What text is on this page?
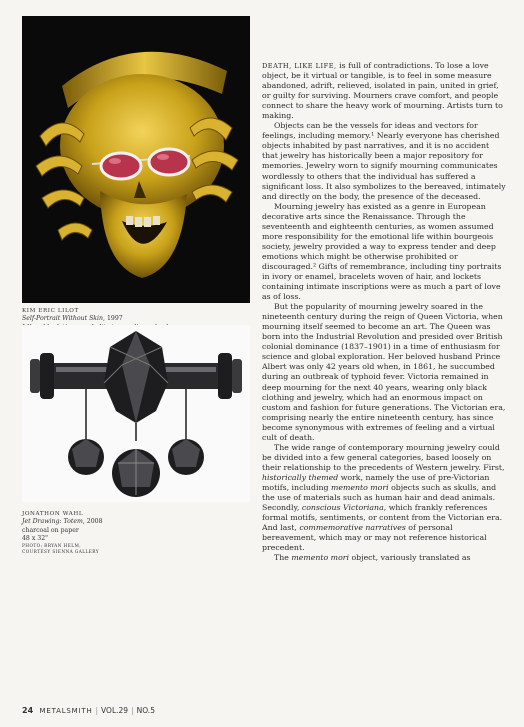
KIM ERIC LILOT
Self-Portrait Without Skin, 1997
JONATHON WAHL
Jet Drawing: Totem, 2008
charcoal on paper
48 x 32"
PHOTO: BRYAN HELM,
COURTESY SIENNA GALLERY

DEATH, LIKE LIFE, is full of contradictions. To lose a love object, be it virtual or tangible, is to feel in some measure abandoned, adrift, relieved, isolated in pain, united in grief, or guilty for surviving. Mourners crave comfort, and people connect to share the heavy work of mourning. Artists turn to making.

Objects can be the vessels for ideas and vectors for feelings, including memory.¹ Nearly everyone has cherished objects inhabited by past narratives, and it is no accident that jewelry has historically been a major repository for memories. Jewelry worn to signify mourning communicates wordlessly to others that the individual has suffered a significant loss. It also symbolizes to the bereaved, intimately and directly on the body, the presence of the deceased.

Mourning jewelry has existed as a genre in European decorative arts since the Renaissance. Through the seventeenth and eighteenth centuries, as women assumed more responsibility for the emotional life within bourgeois society, jewelry provided a way to express tender and deep emotions which might be otherwise prohibited or discouraged.² Gifts of remembrance, including tiny portraits in ivory or enamel, bracelets woven of hair, and lockets containing intimate inscriptions were as much a part of love as of loss.

But the popularity of mourning jewelry soared in the nineteenth century during the reign of Queen Victoria, when mourning itself seemed to become an art. The Queen was born into the Industrial Revolution and presided over British colonial dominance (1837–1901) in a time of enthusiasm for science and global exploration. Her beloved husband Prince Albert was only 42 years old when, in 1861, he succumbed during an outbreak of typhoid fever. Victoria remained in deep mourning for the next 40 years, wearing only black clothing and jewelry, which had an enormous impact on custom and fashion for future generations. The Victorian era, comprising nearly the entire nineteenth century, has since become synonymous with extremes of feeling and a virtual cult of death.

The wide range of contemporary mourning jewelry could be divided into a few general categories, based loosely on their relationship to the precedents of Western jewelry. First, historically themed work, namely the use of pre-Victorian motifs, including memento mori objects such as skulls, and the use of materials such as human hair and dead animals. Secondly, conscious Victoriana, which frankly references formal motifs, sentiments, or content from the Victorian era. And last, commemorative narratives of personal bereavement, which may or may not reference historical precedent.

The memento mori object, variously translated as

24 METALSMITH | VOL.29 | NO.5
